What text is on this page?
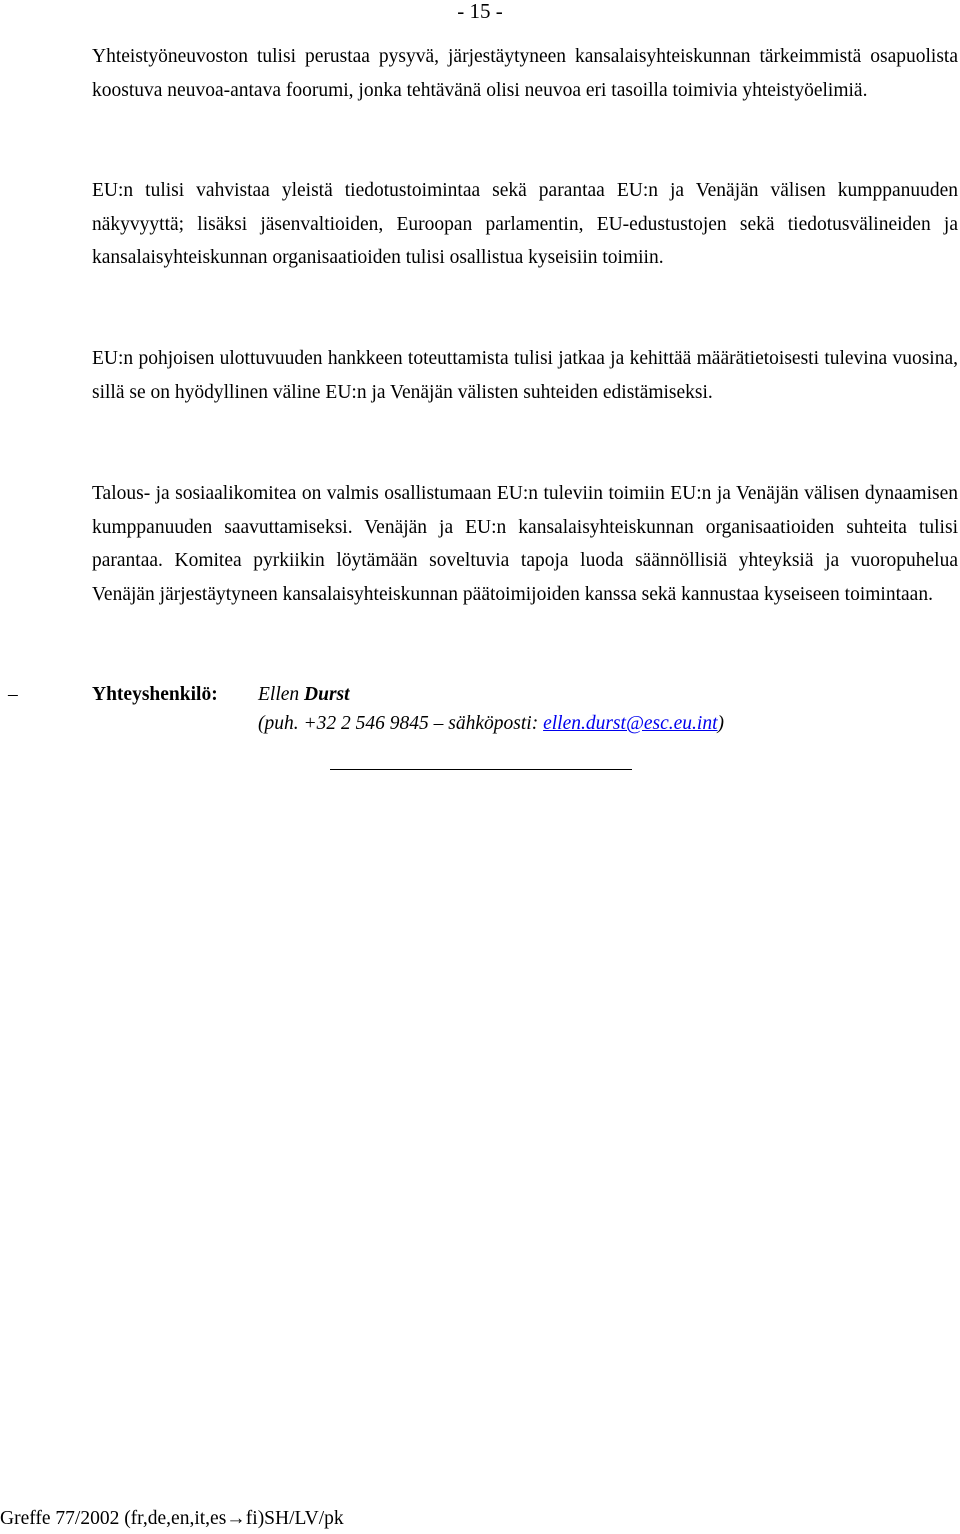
- 15 -

Yhteistyöneuvoston tulisi perustaa pysyvä, järjestäytyneen kansalaisyhteiskunnan tärkeimmistä osapuolista koostuva neuvoa-antava foorumi, jonka tehtävänä olisi neuvoa eri tasoilla toimivia yhteistyöelimiä.

EU:n tulisi vahvistaa yleistä tiedotustoimintaa sekä parantaa EU:n ja Venäjän välisen kumppanuuden näkyvyyttä; lisäksi jäsenvaltioiden, Euroopan parlamentin, EU-edustustojen sekä tiedotusvälineiden ja kansalaisyhteiskunnan organisaatioiden tulisi osallistua kyseisiin toimiin.

EU:n pohjoisen ulottuvuuden hankkeen toteuttamista tulisi jatkaa ja kehittää määrätietoisesti tulevina vuosina, sillä se on hyödyllinen väline EU:n ja Venäjän välisten suhteiden edistämiseksi.

Talous- ja sosiaalikomitea on valmis osallistumaan EU:n tuleviin toimiin EU:n ja Venäjän välisen dynaamisen kumppanuuden saavuttamiseksi. Venäjän ja EU:n kansalaisyhteiskunnan organisaatioiden suhteita tulisi parantaa. Komitea pyrkiikin löytämään soveltuvia tapoja luoda säännöllisiä yhteyksiä ja vuoropuhelua Venäjän järjestäytyneen kansalaisyhteiskunnan päätoimijoiden kanssa sekä kannustaa kyseiseen toimintaan.

–	Yhteyshenkilö: Ellen Durst
(puh. +32 2 546 9845 – sähköposti: ellen.durst@esc.eu.int)
Greffe 77/2002 (fr,de,en,it,es→fi)SH/LV/pk
